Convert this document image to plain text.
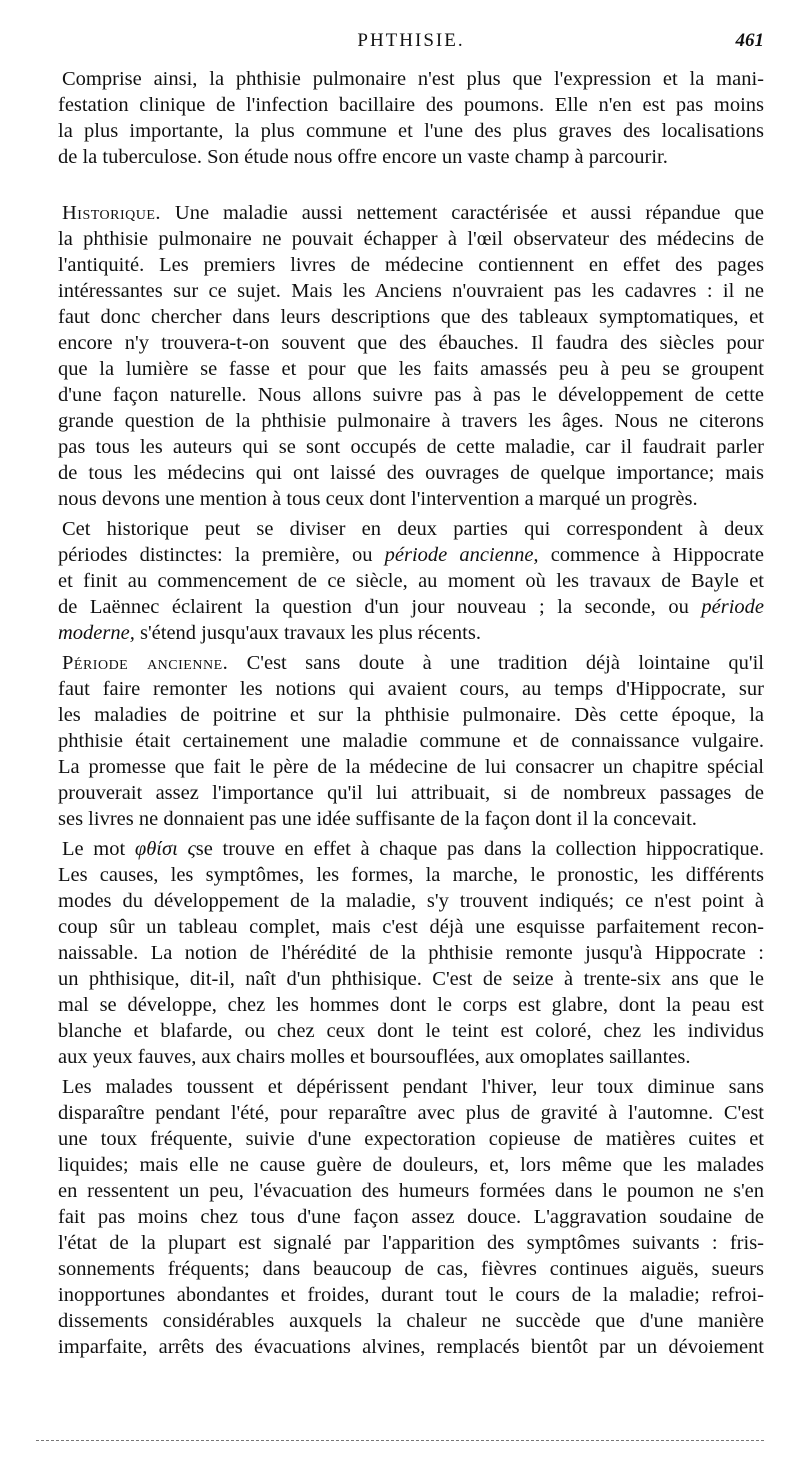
PHTHISIE.	461
Comprise ainsi, la phthisie pulmonaire n'est plus que l'expression et la mani-
festation clinique de l'infection bacillaire des poumons. Elle n'en est pas moins
la plus importante, la plus commune et l'une des plus graves des localisations
de la tuberculose. Son étude nous offre encore un vaste champ à parcourir.
Historique. Une maladie aussi nettement caractérisée et aussi répandue que
la phthisie pulmonaire ne pouvait échapper à l'œil observateur des médecins de
l'antiquité. Les premiers livres de médecine contiennent en effet des pages
intéressantes sur ce sujet. Mais les Anciens n'ouvraient pas les cadavres : il ne
faut donc chercher dans leurs descriptions que des tableaux symptomatiques, et
encore n'y trouvera-t-on souvent que des ébauches. Il faudra des siècles pour
que la lumière se fasse et pour que les faits amassés peu à peu se groupent
d'une façon naturelle. Nous allons suivre pas à pas le développement de cette
grande question de la phthisie pulmonaire à travers les âges. Nous ne citerons
pas tous les auteurs qui se sont occupés de cette maladie, car il faudrait parler
de tous les médecins qui ont laissé des ouvrages de quelque importance; mais
nous devons une mention à tous ceux dont l'intervention a marqué un progrès.
Cet historique peut se diviser en deux parties qui correspondent à deux
périodes distinctes: la première, ou période ancienne, commence à Hippocrate
et finit au commencement de ce siècle, au moment où les travaux de Bayle et
de Laënnec éclairent la question d'un jour nouveau ; la seconde, ou période
moderne, s'étend jusqu'aux travaux les plus récents.
Période ancienne. C'est sans doute à une tradition déjà lointaine qu'il
faut faire remonter les notions qui avaient cours, au temps d'Hippocrate, sur
les maladies de poitrine et sur la phthisie pulmonaire. Dès cette époque, la
phthisie était certainement une maladie commune et de connaissance vulgaire.
La promesse que fait le père de la médecine de lui consacrer un chapitre spécial
prouverait assez l'importance qu'il lui attribuait, si de nombreux passages de
ses livres ne donnaient pas une idée suffisante de la façon dont il la concevait.
Le mot φθίσι ςse trouve en effet à chaque pas dans la collection hippocratique.
Les causes, les symptômes, les formes, la marche, le pronostic, les différents
modes du développement de la maladie, s'y trouvent indiqués; ce n'est point à
coup sûr un tableau complet, mais c'est déjà une esquisse parfaitement recon-
naissable. La notion de l'hérédité de la phthisie remonte jusqu'à Hippocrate :
un phthisique, dit-il, naît d'un phthisique. C'est de seize à trente-six ans que le
mal se développe, chez les hommes dont le corps est glabre, dont la peau est
blanche et blafarde, ou chez ceux dont le teint est coloré, chez les individus
aux yeux fauves, aux chairs molles et boursouflées, aux omoplates saillantes.
Les malades toussent et dépérissent pendant l'hiver, leur toux diminue sans
disparaître pendant l'été, pour reparaître avec plus de gravité à l'automne. C'est
une toux fréquente, suivie d'une expectoration copieuse de matières cuites et
liquides; mais elle ne cause guère de douleurs, et, lors même que les malades
en ressentent un peu, l'évacuation des humeurs formées dans le poumon ne s'en
fait pas moins chez tous d'une façon assez douce. L'aggravation soudaine de
l'état de la plupart est signalé par l'apparition des symptômes suivants : fris-
sonnements fréquents; dans beaucoup de cas, fièvres continues aiguës, sueurs
inopportunes abondantes et froides, durant tout le cours de la maladie; refroi-
dissements considérables auxquels la chaleur ne succède que d'une manière
imparfaite, arrêts des évacuations alvines, remplacés bientôt par un dévoiement
